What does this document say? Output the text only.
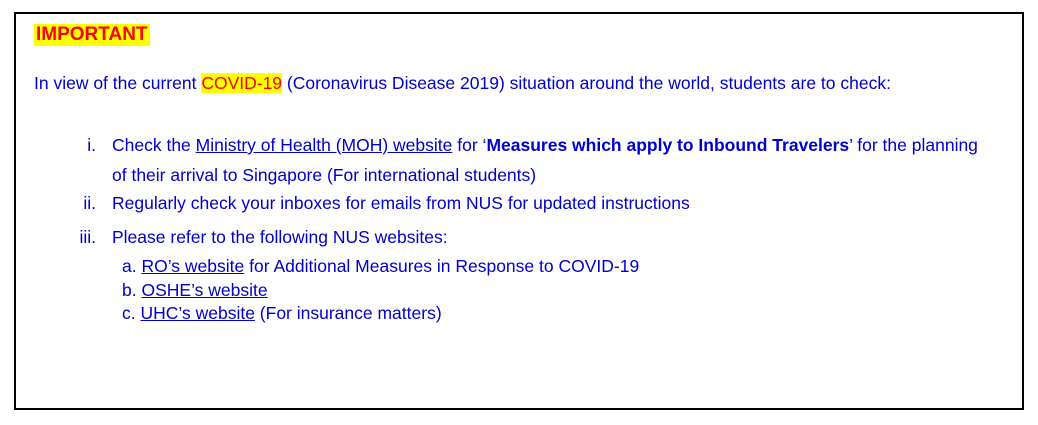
IMPORTANT
In view of the current COVID-19 (Coronavirus Disease 2019) situation around the world, students are to check:
i. Check the Ministry of Health (MOH) website for ‘Measures which apply to Inbound Travelers’ for the planning of their arrival to Singapore (For international students)
ii. Regularly check your inboxes for emails from NUS for updated instructions
iii. Please refer to the following NUS websites:
a. RO’s website for Additional Measures in Response to COVID-19
b. OSHE’s website
c. UHC’s website (For insurance matters)
